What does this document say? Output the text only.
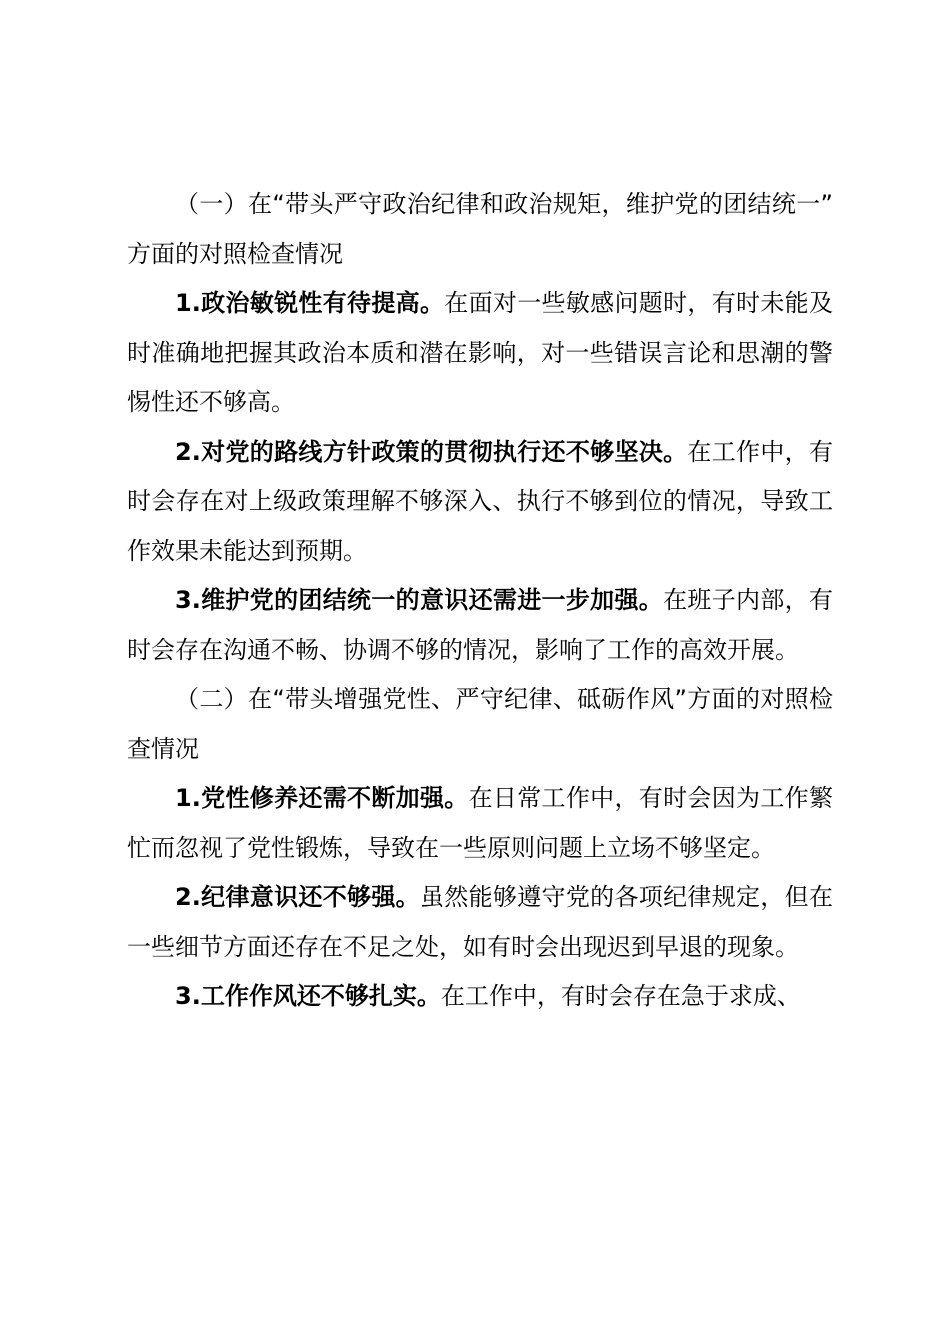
（一）在“带头严守政治纪律和政治规矩，维护党的团结统一”方面的对照检查情况

1.政治敏锐性有待提高。在面对一些敏感问题时，有时未能及时准确地把握其政治本质和潜在影响，对一些错误言论和思潮的警惕性还不够高。

2.对党的路线方针政策的贯彻执行还不够坚决。在工作中，有时会存在对上级政策理解不够深入、执行不够到位的情况，导致工作效果未能达到预期。

3.维护党的团结统一的意识还需进一步加强。在班子内部，有时会存在沟通不畅、协调不够的情况，影响了工作的高效开展。

（二）在“带头增强党性、严守纪律、砥砺作风”方面的对照检查情况

1.党性修养还需不断加强。在日常工作中，有时会因为工作繁忙而忽视了党性锻炼，导致在一些原则问题上立场不够坚定。

2.纪律意识还不够强。虽然能够遵守党的各项纪律规定，但在一些细节方面还存在不足之处，如有时会出现迟到早退的现象。

3.工作作风还不够扎实。在工作中，有时会存在急于求成、
